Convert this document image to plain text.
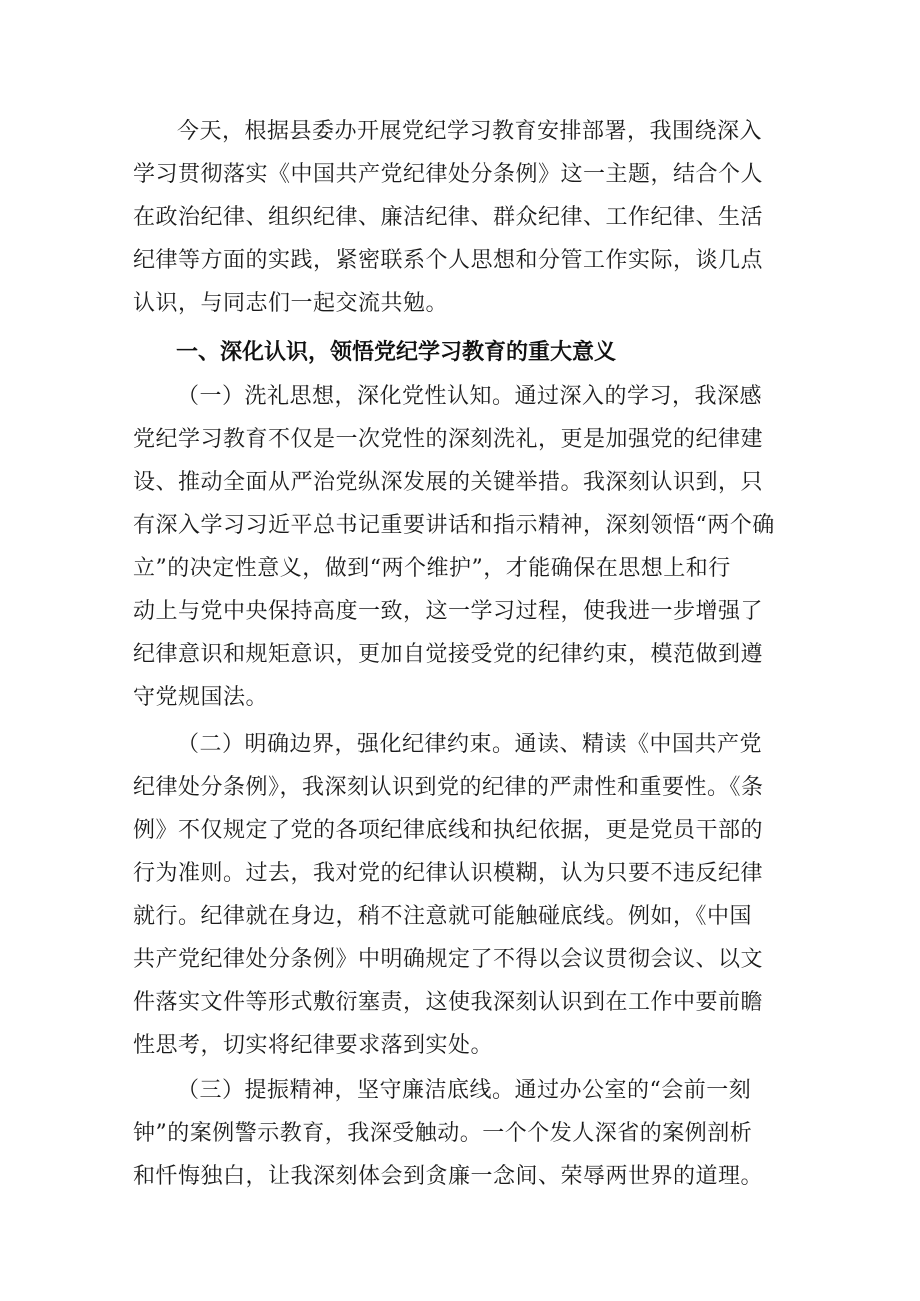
今天，根据县委办开展党纪学习教育安排部署，我围绕深入
学习贯彻落实《中国共产党纪律处分条例》这一主题，结合个人
在政治纪律、组织纪律、廉洁纪律、群众纪律、工作纪律、生活
纪律等方面的实践，紧密联系个人思想和分管工作实际，谈几点
认识，与同志们一起交流共勉。
一、深化认识，领悟党纪学习教育的重大意义
（一）洗礼思想，深化党性认知。通过深入的学习，我深感
党纪学习教育不仅是一次党性的深刻洗礼，更是加强党的纪律建
设、推动全面从严治党纵深发展的关键举措。我深刻认识到，只
有深入学习习近平总书记重要讲话和指示精神，深刻领悟“两个确
立”的决定性意义，做到“两个维护”，才能确保在思想上和行
动上与党中央保持高度一致，这一学习过程，使我进一步增强了
纪律意识和规矩意识，更加自觉接受党的纪律约束，模范做到遵
守党规国法。
（二）明确边界，强化纪律约束。通读、精读《中国共产党
纪律处分条例》，我深刻认识到党的纪律的严肃性和重要性。《条
例》不仅规定了党的各项纪律底线和执纪依据，更是党员干部的
行为准则。过去，我对党的纪律认识模糊，认为只要不违反纪律
就行。纪律就在身边，稍不注意就可能触碰底线。例如，《中国
共产党纪律处分条例》中明确规定了不得以会议贯彻会议、以文
件落实文件等形式敷衍塞责，这使我深刻认识到在工作中要前瞻
性思考，切实将纪律要求落到实处。
（三）提振精神，坚守廉洁底线。通过办公室的“会前一刻
钟”的案例警示教育，我深受触动。一个个发人深省的案例剖析
和忏悔独白，让我深刻体会到贪廉一念间、荣辱两世界的道理。
